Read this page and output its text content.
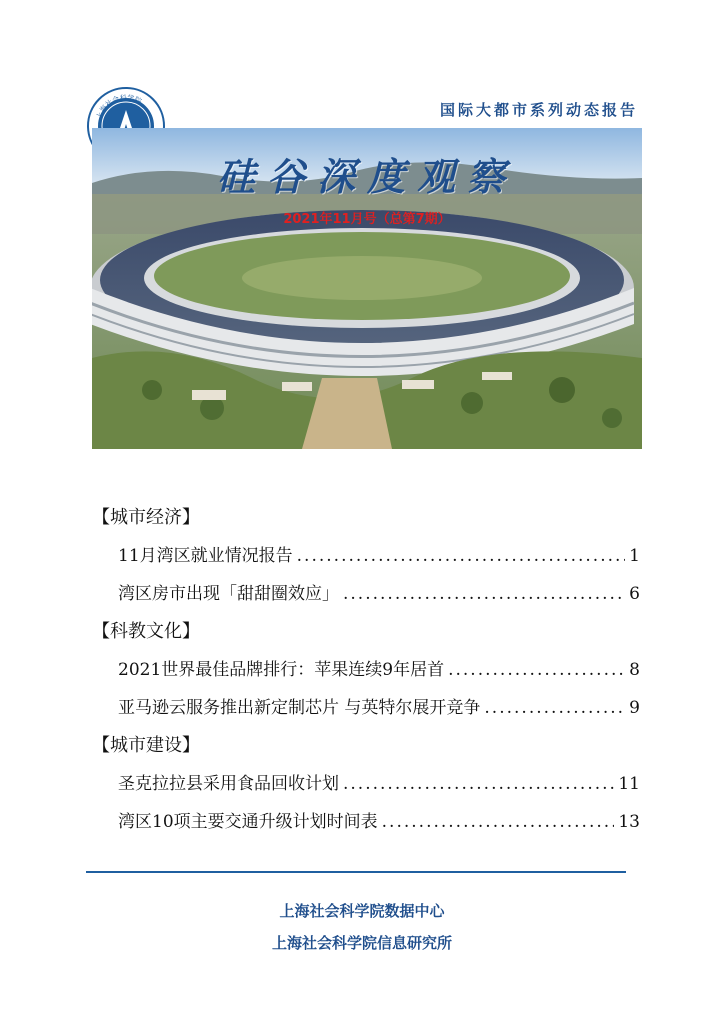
上海社会科学院
国际大都市系列动态报告
硅谷深度观察
2021年11月号（总第7期）
【城市经济】
11月湾区就业情况报告 .....	1
湾区房市出现「甜甜圈效应」 .....	6
【科教文化】
2021世界最佳品牌排行：苹果连续9年居首 .....	8
亚马逊云服务推出新定制芯片 与英特尔展开竞争 .....	9
【城市建设】
圣克拉拉县采用食品回收计划 .....	11
湾区10项主要交通升级计划时间表 .....	13
上海社会科学院数据中心
上海社会科学院信息研究所
